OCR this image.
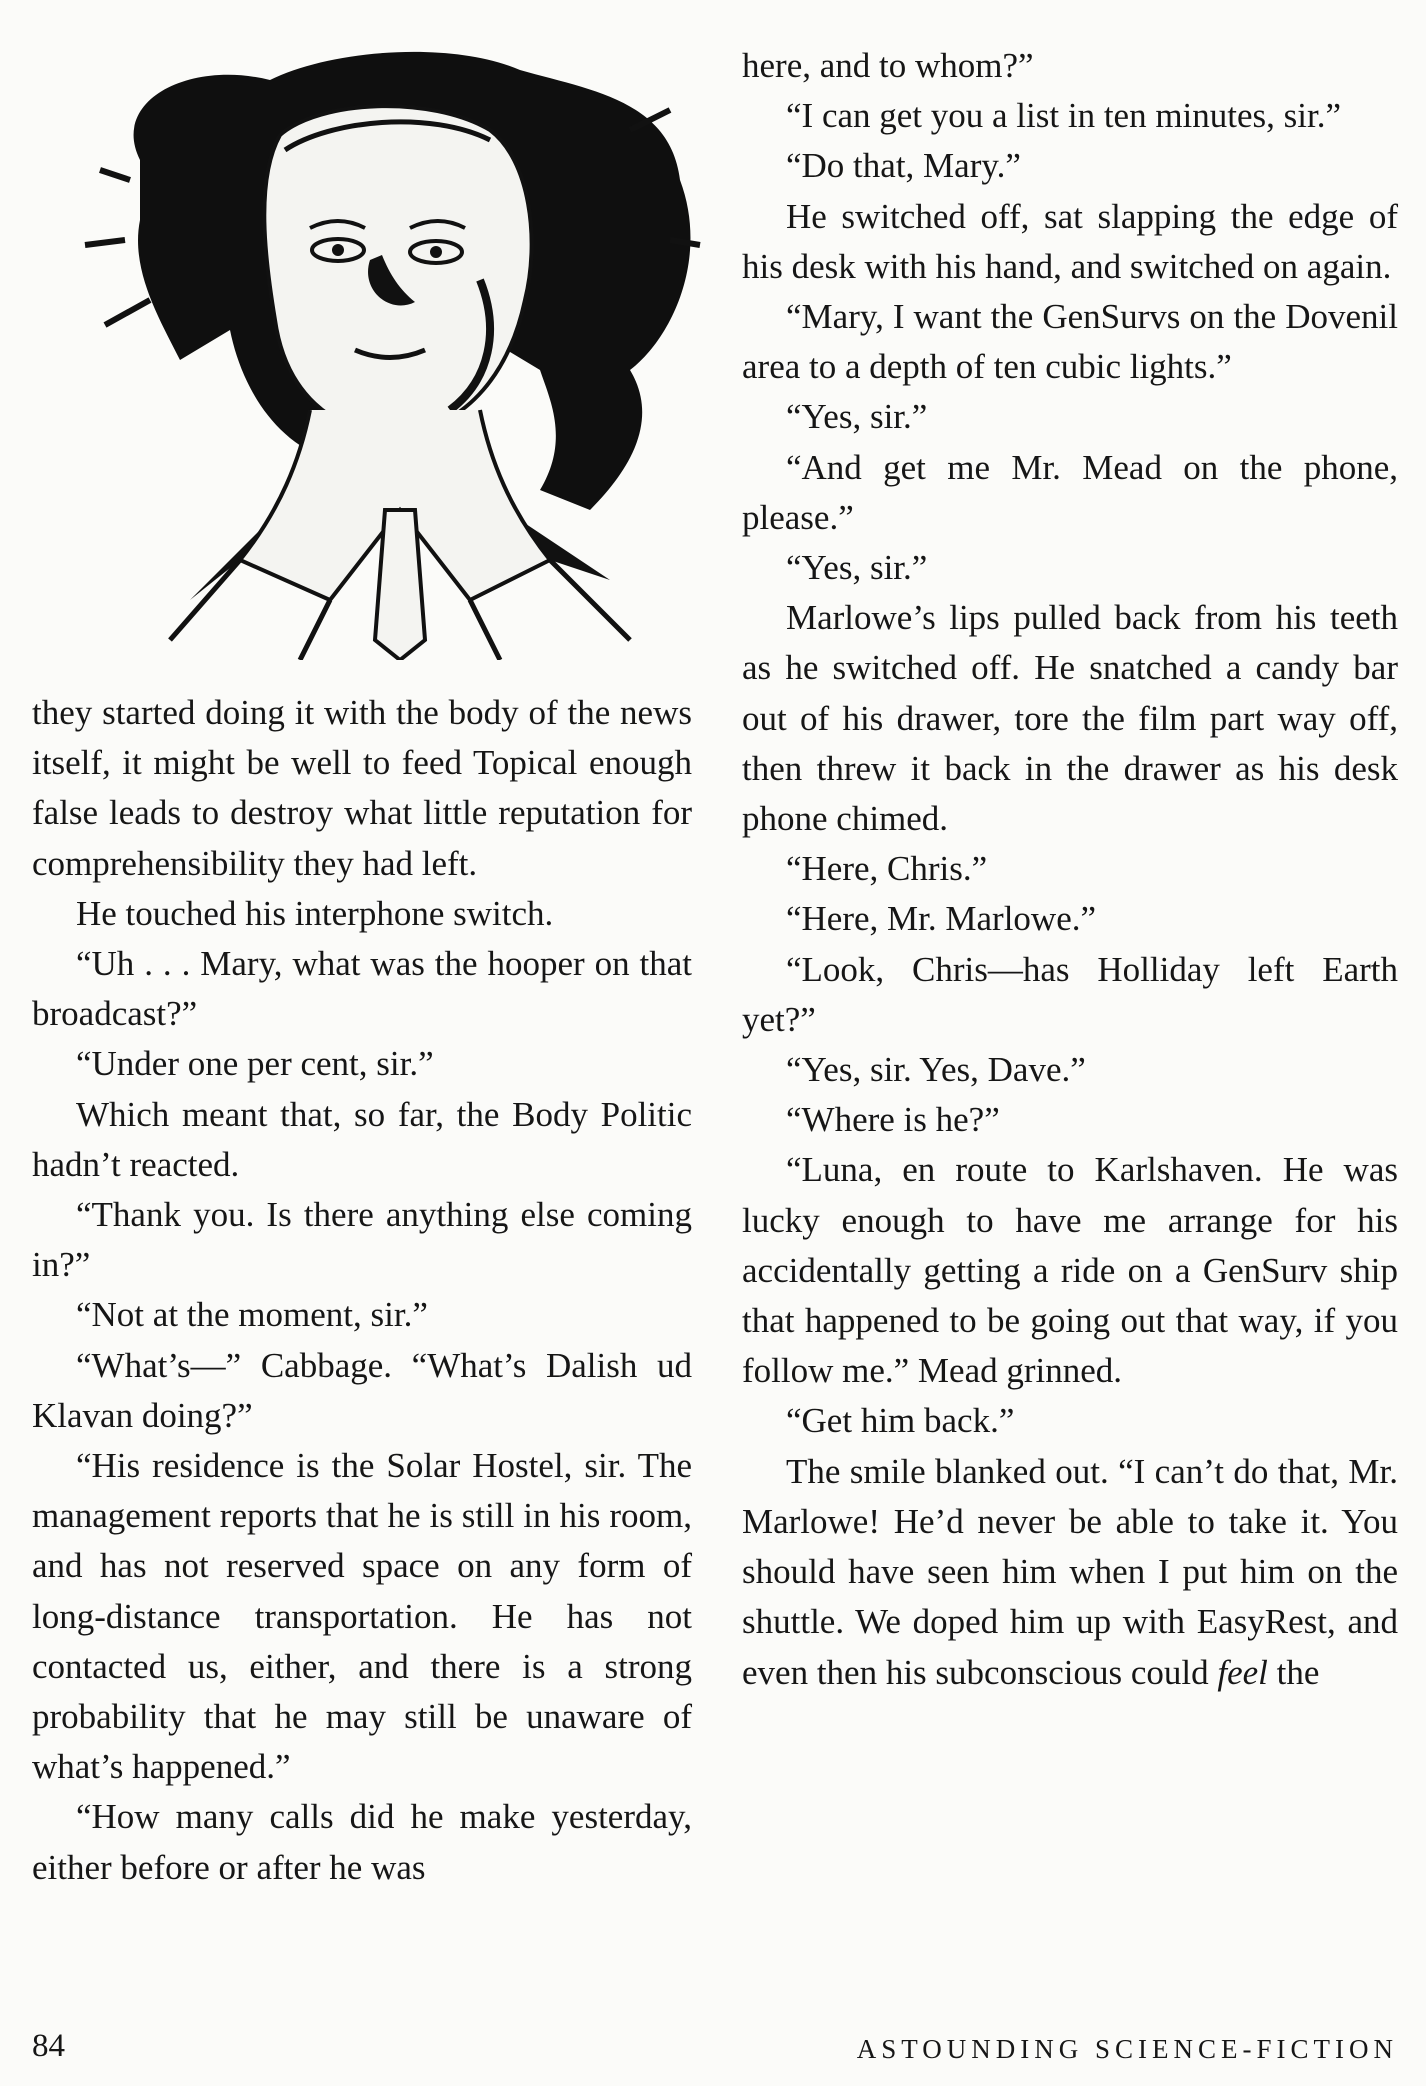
they started doing it with the body of the news itself, it might be well to feed Topical enough false leads to destroy what little reputation for comprehensibility they had left.

He touched his interphone switch.

“Uh . . . Mary, what was the hooper on that broadcast?”

“Under one per cent, sir.”

Which meant that, so far, the Body Politic hadn’t reacted.

“Thank you. Is there anything else coming in?”

“Not at the moment, sir.”

“What’s—” Cabbage. “What’s Dalish ud Klavan doing?”

“His residence is the Solar Hostel, sir. The management reports that he is still in his room, and has not reserved space on any form of long-distance transportation. He has not contacted us, either, and there is a strong probability that he may still be unaware of what’s happened.”

“How many calls did he make yesterday, either before or after he was

here, and to whom?”

“I can get you a list in ten minutes, sir.”

“Do that, Mary.”

He switched off, sat slapping the edge of his desk with his hand, and switched on again.

“Mary, I want the GenSurvs on the Dovenil area to a depth of ten cubic lights.”

“Yes, sir.”

“And get me Mr. Mead on the phone, please.”

“Yes, sir.”

Marlowe’s lips pulled back from his teeth as he switched off. He snatched a candy bar out of his drawer, tore the film part way off, then threw it back in the drawer as his desk phone chimed.

“Here, Chris.”

“Here, Mr. Marlowe.”

“Look, Chris—has Holliday left Earth yet?”

“Yes, sir. Yes, Dave.”

“Where is he?”

“Luna, en route to Karlshaven. He was lucky enough to have me arrange for his accidentally getting a ride on a GenSurv ship that happened to be going out that way, if you follow me.” Mead grinned.

“Get him back.”

The smile blanked out. “I can’t do that, Mr. Marlowe! He’d never be able to take it. You should have seen him when I put him on the shuttle. We doped him up with EasyRest, and even then his subconscious could feel the

84	ASTOUNDING SCIENCE-FICTION
